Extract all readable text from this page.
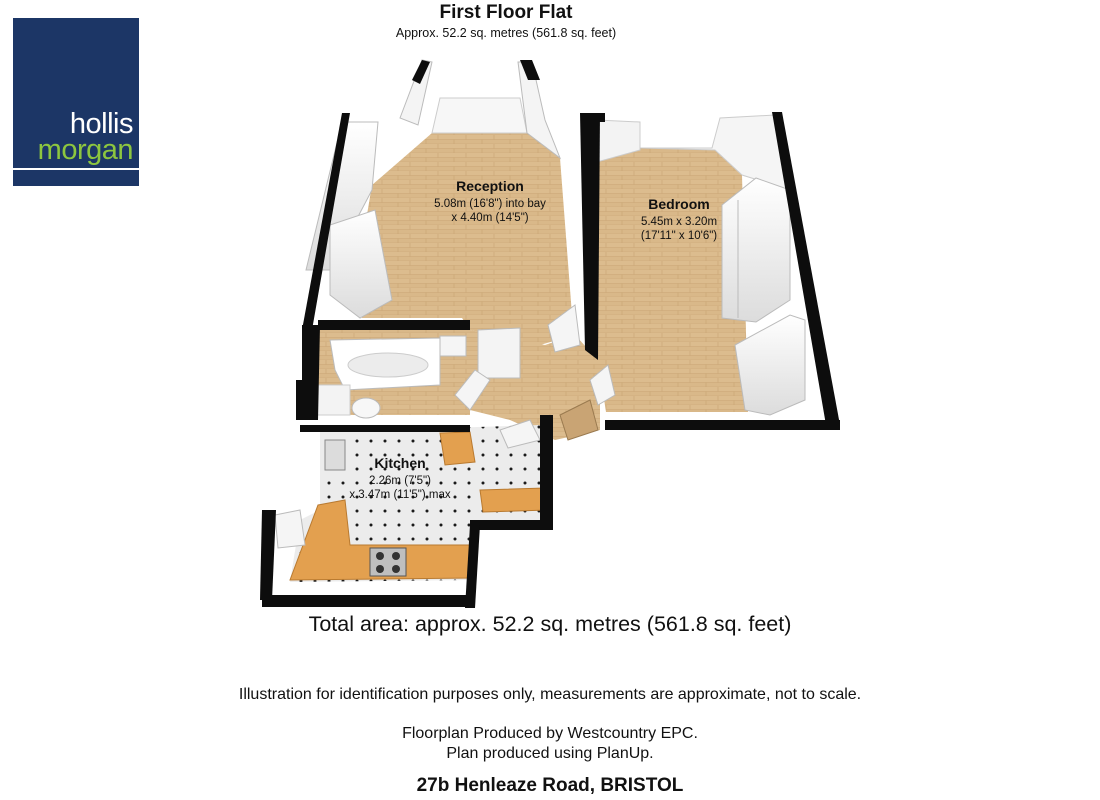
hollis
morgan
First Floor Flat
Approx. 52.2 sq. metres (561.8 sq. feet)
Reception
5.08m (16'8") into bay
x 4.40m (14'5")
Bedroom
5.45m x 3.20m
(17'11" x 10'6")
Kitchen
2.26m (7'5")
x 3.47m (11'5") max
Total area: approx. 52.2 sq. metres (561.8 sq. feet)
Illustration for identification purposes only, measurements are approximate, not to scale.
Floorplan Produced by Westcountry EPC.
Plan produced using PlanUp.
27b Henleaze Road, BRISTOL
